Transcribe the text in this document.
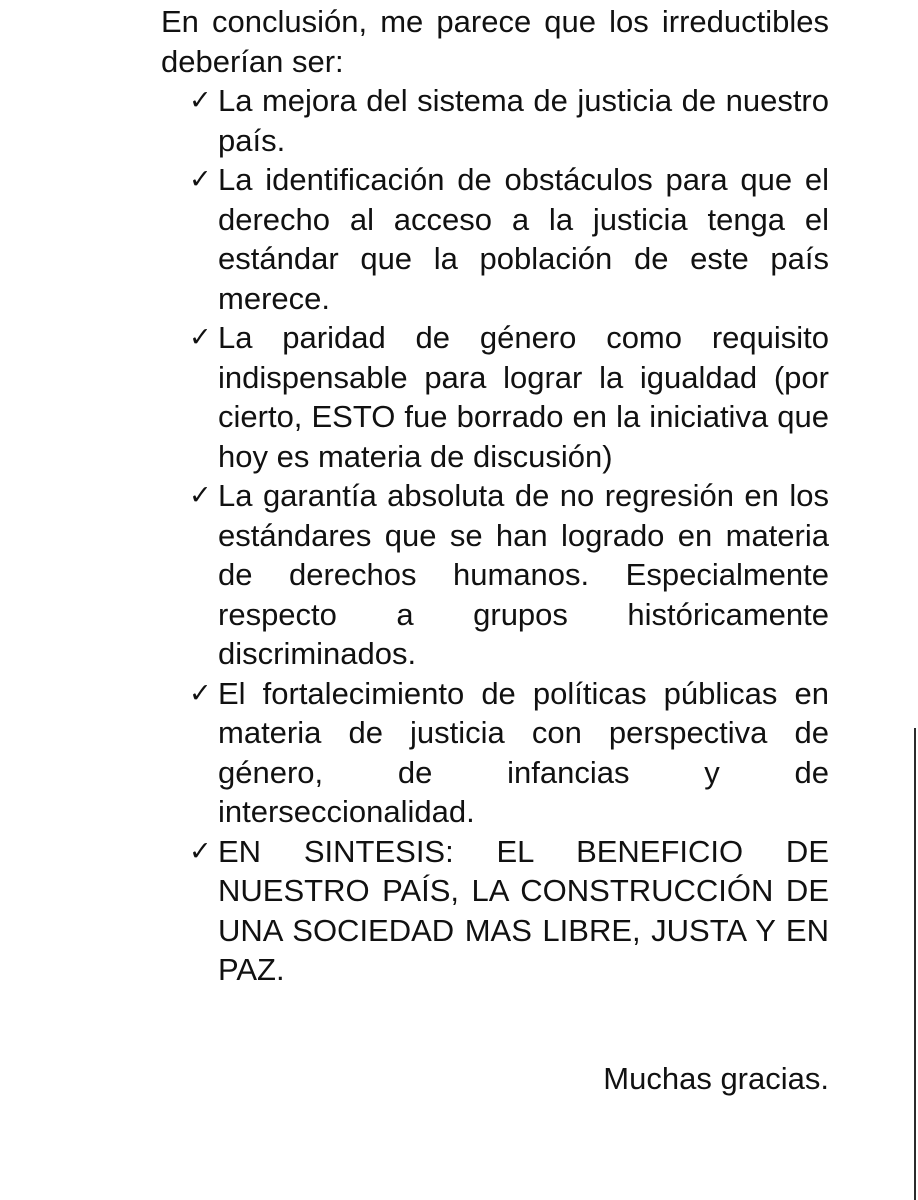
En conclusión, me parece que los irreductibles deberían ser:

✓ La mejora del sistema de justicia de nuestro país.
✓ La identificación de obstáculos para que el derecho al acceso a la justicia tenga el estándar que la población de este país merece.
✓ La paridad de género como requisito indispensable para lograr la igualdad (por cierto, ESTO fue borrado en la iniciativa que hoy es materia de discusión)
✓ La garantía absoluta de no regresión en los estándares que se han logrado en materia de derechos humanos. Especialmente respecto a grupos históricamente discriminados.
✓ El fortalecimiento de políticas públicas en materia de justicia con perspectiva de género, de infancias y de interseccionalidad.
✓ EN SINTESIS: EL BENEFICIO DE NUESTRO PAÍS, LA CONSTRUCCIÓN DE UNA SOCIEDAD MAS LIBRE, JUSTA Y EN PAZ.

Muchas gracias.
